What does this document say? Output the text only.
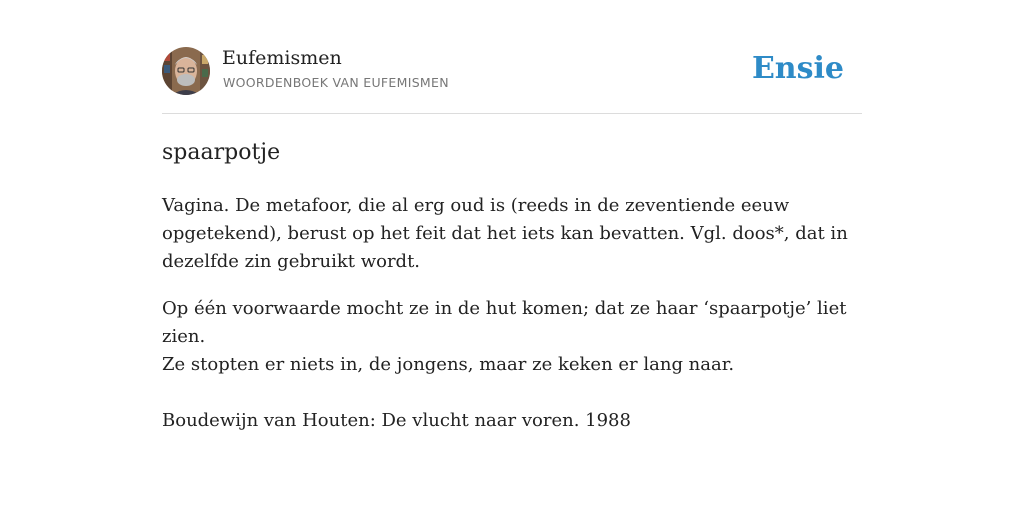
Eufemismen
WOORDENBOEK VAN EUFEMISMEN	Ensie
spaarpotje

Vagina. De metafoor, die al erg oud is (reeds in de zeventiende eeuw opgetekend), berust op het feit dat het iets kan bevatten. Vgl. doos*, dat in dezelfde zin gebruikt wordt.

Op één voorwaarde mocht ze in de hut komen; dat ze haar ‘spaarpotje’ liet zien.
Ze stopten er niets in, de jongens, maar ze keken er lang naar.

Boudewijn van Houten: De vlucht naar voren. 1988
